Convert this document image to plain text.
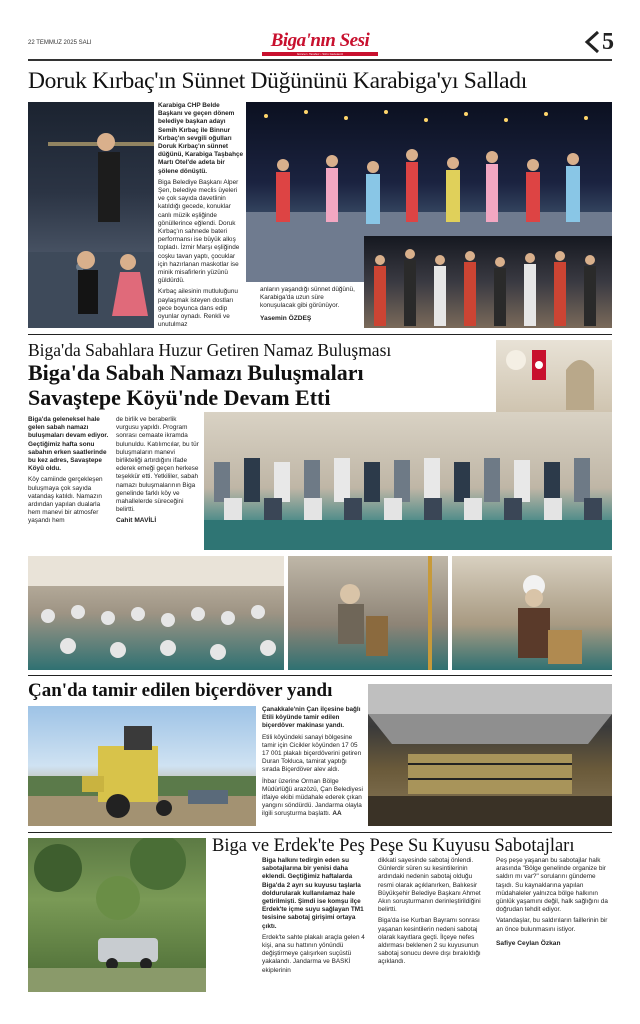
22 TEMMUZ 2025 SALI	Biga'nın Sesi
Güncel • Tarafsız • Sizin Gazeteniz	5
Doruk Kırbaç'ın Sünnet Düğününü Karabiga'yı Salladı

Karabiga CHP Belde Başkanı ve geçen dönem belediye başkan adayı Semih Kırbaç ile Binnur Kırbaç'ın sevgili oğulları Doruk Kırbaç'ın sünnet düğünü, Karabiga Taşbahçe Martı Otel'de adeta bir şölene dönüştü.

Biga Belediye Başkanı Alper Şen, belediye meclis üyeleri ve çok sayıda davetlinin katıldığı gecede, konuklar canlı müzik eşliğinde gönüllerince eğlendi. Doruk Kırbaç'ın sahnede bateri performansı ise büyük alkış topladı. İzmir Marşı eşliğinde coşku tavan yaptı, çocuklar için hazırlanan maskotlar ise minik misafirlerin yüzünü güldürdü.

Kırbaç ailesinin mutluluğunu paylaşmak isteyen dostları gece boyunca dans edip oyunlar oynadı. Renkli ve unutulmaz

anların yaşandığı sünnet düğünü, Karabiga'da uzun süre konuşulacak gibi görünüyor.

Yasemin ÖZDEŞ

Biga'da Sabahlara Huzur Getiren Namaz Buluşması
Biga'da Sabah Namazı Buluşmaları
Savaştepe Köyü'nde Devam Etti

Biga'da geleneksel hale gelen sabah namazı buluşmaları devam ediyor. Geçtiğimiz hafta sonu sabahın erken saatlerinde bu kez adres, Savaştepe Köyü oldu.

Köy camiinde gerçekleşen buluşmaya çok sayıda vatandaş katıldı. Namazın ardından yapılan dualarla hem manevi bir atmosfer yaşandı hem

de birlik ve beraberlik vurgusu yapıldı. Program sonrası cemaate ikramda bulunuldu. Katılımcılar, bu tür buluşmaların manevi birlikteliği artırdığını ifade ederek emeği geçen herkese teşekkür etti. Yetkililer, sabah namazı buluşmalarının Biga genelinde farklı köy ve mahallelerde süreceğini belirtti.

Cahit MAVİLİ

Çan'da tamir edilen biçerdöver yandı

Çanakkale'nin Çan ilçesine bağlı Etili köyünde tamir edilen biçerdöver makinası yandı.

Etili köyündeki sanayi bölgesine tamir için Cicikler köyünden 17 05 17 001 plakalı biçerdöverini getiren Duran Tokluca, tamirat yaptığı sırada Biçerdöver alev aldı.

İhbar üzerine Orman Bölge Müdürlüğü arazözü, Çan Belediyesi itfaiye ekibi müdahale ederek çıkan yangını söndürdü. Jandarma olayla ilgili soruşturma başlattı. AA

Biga ve Erdek'te Peş Peşe Su Kuyusu Sabotajları

Biga halkını tedirgin eden su sabotajlarına bir yenisi daha eklendi. Geçtiğimiz haftalarda Biga'da 2 ayrı su kuyusu taşlarla doldurularak kullanılamaz hale getirilmişti. Şimdi ise komşu ilçe Erdek'te içme suyu sağlayan TM1 tesisine sabotaj girişimi ortaya çıktı.

Erdek'te sahte plakalı araçla gelen 4 kişi, ana su hattının yönündü değiştirmeye çalışırken suçüstü yakalandı. Jandarma ve BASKİ ekiplerinin

dikkati sayesinde sabotaj önlendi. Günlerdir süren su kesintilerinin ardındaki nedenin sabotaj olduğu resmi olarak açıklanırken, Balıkesir Büyükşehir Belediye Başkanı Ahmet Akın soruşturmanın derinleştirildiğini belirtti.

Biga'da ise Kurban Bayramı sonrası yaşanan kesintilerin nedeni sabotaj olarak kayıtlara geçti. İlçeye nefes aldırması beklenen 2 su kuyusunun sabotaj sonucu devre dışı bırakıldığı açıklandı.

Peş peşe yaşanan bu sabotajlar halk arasında "Bölge genelinde organize bir saldırı mı var?" sorularını gündeme taşıdı. Su kaynaklarına yapılan müdahaleler yalnızca bölge halkının günlük yaşamını değil, halk sağlığını da doğrudan tehdit ediyor.

Vatandaşlar, bu saldırıların faillerinin bir an önce bulunmasını istiyor.

Safiye Ceylan Özkan
